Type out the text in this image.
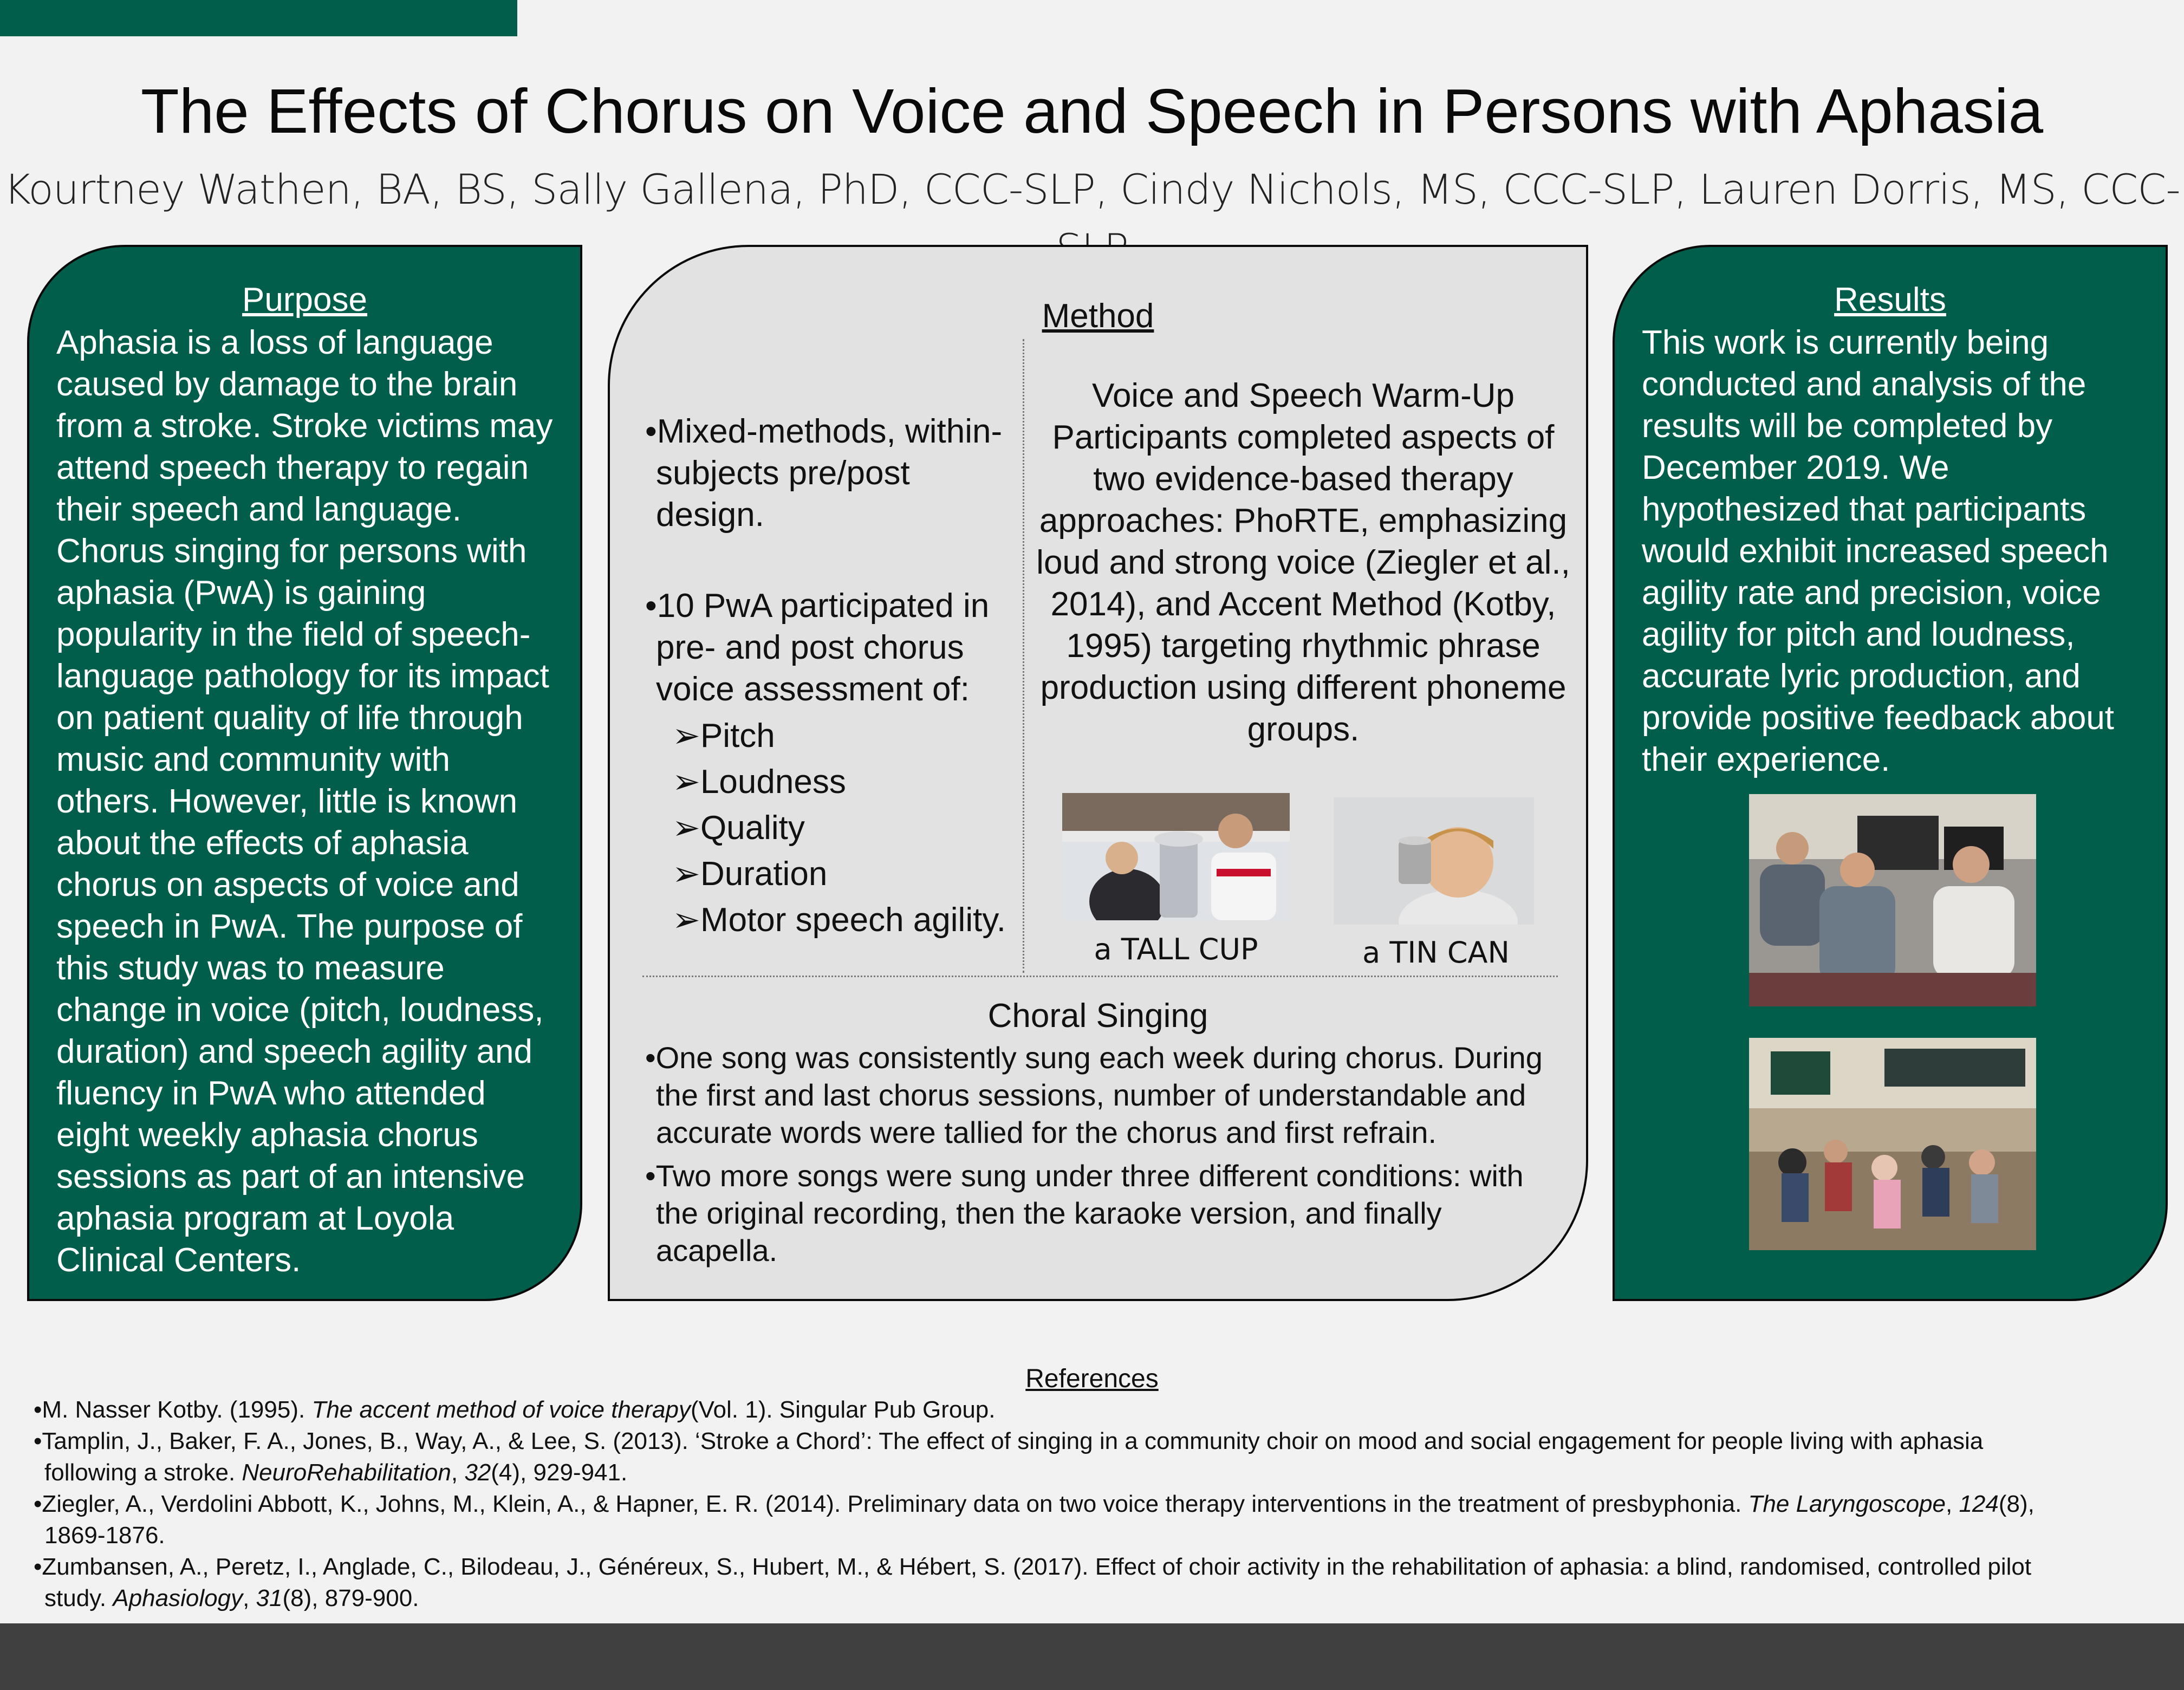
The Effects of Chorus on Voice and Speech in Persons with Aphasia
Kourtney Wathen, BA, BS, Sally Gallena, PhD, CCC-SLP, Cindy Nichols, MS, CCC-SLP, Lauren Dorris, MS, CCC-
Purpose
Aphasia is a loss of language
caused by damage to the brain
from a stroke. Stroke victims may
attend speech therapy to regain
their speech and language.
Chorus singing for persons with
aphasia (PwA) is gaining
popularity in the field of speech-
language pathology for its impact
on patient quality of life through
music and community with
others. However, little is known
about the effects of aphasia
chorus on aspects of voice and
speech in PwA. The purpose of
this study was to measure
change in voice (pitch, loudness,
duration) and speech agility and
fluency in PwA who attended
eight weekly aphasia chorus
sessions as part of an intensive
aphasia program at Loyola
Clinical Centers.
Method
•Mixed-methods, within-
subjects pre/post
design.
•10 PwA participated in
pre- and post chorus
voice assessment of:
➢Pitch
➢Loudness
➢Quality
➢Duration
➢Motor speech agility.
Voice and Speech Warm-Up
Participants completed aspects of
two evidence-based therapy
approaches: PhoRTE, emphasizing
loud and strong voice (Ziegler et al.,
2014), and Accent Method (Kotby,
1995) targeting rhythmic phrase
production using different phoneme
groups.
a TALL CUP	a TIN CAN
Choral Singing
•One song was consistently sung each week during chorus. During
the first and last chorus sessions, number of understandable and
accurate words were tallied for the chorus and first refrain.
•Two more songs were sung under three different conditions: with
the original recording, then the karaoke version, and finally
acapella.
Results
This work is currently being
conducted and analysis of the
results will be completed by
December 2019. We
hypothesized that participants
would exhibit increased speech
agility rate and precision, voice
agility for pitch and loudness,
accurate lyric production, and
provide positive feedback about
their experience.
References
•M. Nasser Kotby. (1995). The accent method of voice therapy(Vol. 1). Singular Pub Group.
•Tamplin, J., Baker, F. A., Jones, B., Way, A., & Lee, S. (2013). ‘Stroke a Chord’: The effect of singing in a community choir on mood and social engagement for people living with aphasia
following a stroke. NeuroRehabilitation, 32(4), 929-941.
•Ziegler, A., Verdolini Abbott, K., Johns, M., Klein, A., & Hapner, E. R. (2014). Preliminary data on two voice therapy interventions in the treatment of presbyphonia. The Laryngoscope, 124(8),
1869-1876.
•Zumbansen, A., Peretz, I., Anglade, C., Bilodeau, J., Généreux, S., Hubert, M., & Hébert, S. (2017). Effect of choir activity in the rehabilitation of aphasia: a blind, randomised, controlled pilot
study. Aphasiology, 31(8), 879-900.
